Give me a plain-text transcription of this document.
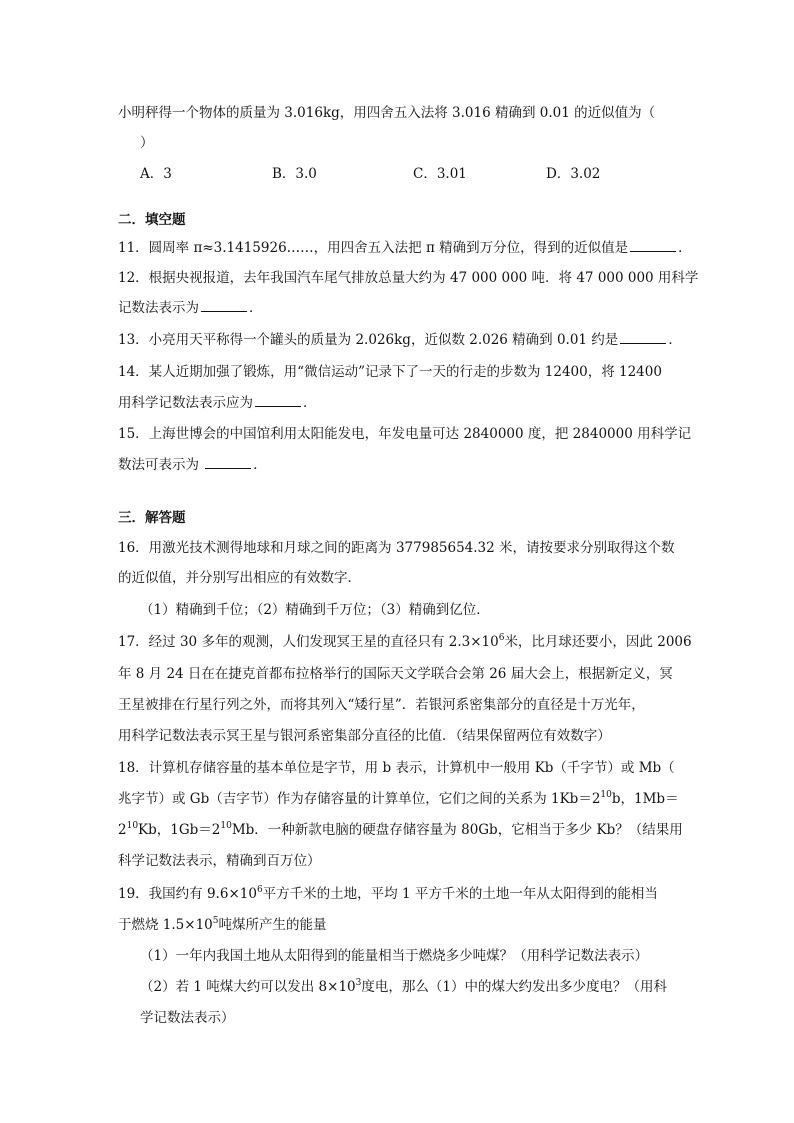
小明秤得一个物体的质量为 3.016kg，用四舍五入法将 3.016 精确到 0.01 的近似值为（
）
A．3	B．3.0	C．3.01	D．3.02
二．填空题
11．圆周率 π≈3.1415926……，用四舍五入法把 π 精确到万分位，得到的近似值是	．
12．根据央视报道，去年我国汽车尾气排放总量大约为 47 000 000 吨．将 47 000 000 用科学
记数法表示为	．
13．小亮用天平称得一个罐头的质量为 2.026kg，近似数 2.026 精确到 0.01 约是	．
14．某人近期加强了锻炼，用“微信运动”记录下了一天的行走的步数为 12400，将 12400
用科学记数法表示应为	．
15．上海世博会的中国馆利用太阳能发电，年发电量可达 2840000 度，把 2840000 用科学记
数法可表示为	．
三．解答题
16．用激光技术测得地球和月球之间的距离为 377985654.32 米，请按要求分别取得这个数
的近似值，并分别写出相应的有效数字．
（1）精确到千位；（2）精确到千万位；（3）精确到亿位．
17．经过 30 多年的观测，人们发现冥王星的直径只有 $2.3\times 10^6$米，比月球还要小，因此 2006
年 8 月 24 日在在捷克首都布拉格举行的国际天文学联合会第 26 届大会上，根据新定义，冥
王星被排在行星行列之外，而将其列入“矮行星”．若银河系密集部分的直径是十万光年，
用科学记数法表示冥王星与银河系密集部分直径的比值．（结果保留两位有效数字）
18．计算机存储容量的基本单位是字节，用 b 表示，计算机中一般用 Kb（千字节）或 Mb（
兆字节）或 Gb（吉字节）作为存储容量的计算单位，它们之间的关系为 $1Kb=2^{10}b$，1Mb＝
$2^{10}Kb$，$1Gb=2^{10}Mb$．一种新款电脑的硬盘存储容量为 80Gb，它相当于多少 Kb？（结果用
科学记数法表示，精确到百万位）
19．我国约有 $9.6\times 10^6$平方千米的土地，平均 1 平方千米的土地一年从太阳得到的能相当
于燃烧 $1.5\times 10^5$吨煤所产生的能量
（1）一年内我国土地从太阳得到的能量相当于燃烧多少吨煤？（用科学记数法表示）
（2）若 1 吨煤大约可以发出 $8\times 10^3$度电，那么（1）中的煤大约发出多少度电？（用科
学记数法表示）
